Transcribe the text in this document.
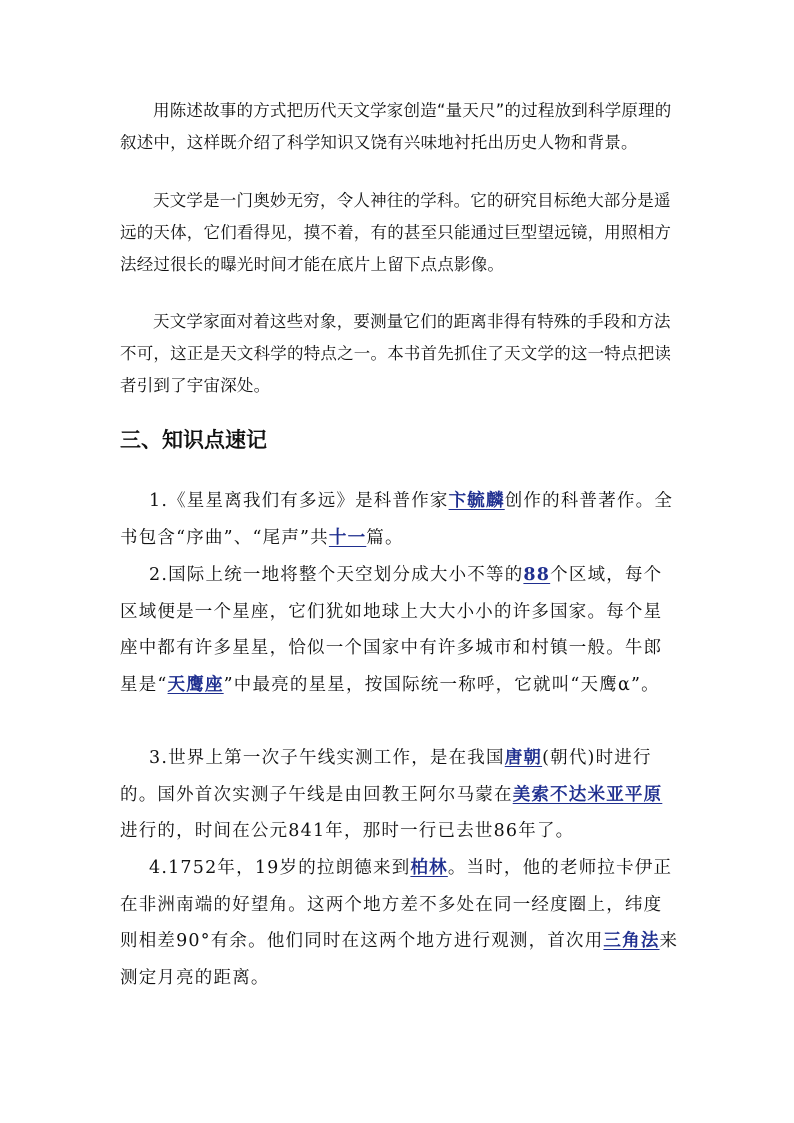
用陈述故事的方式把历代天文学家创造“量天尺”的过程放到科学原理的叙述中，这样既介绍了科学知识又饶有兴味地衬托出历史人物和背景。

天文学是一门奥妙无穷，令人神往的学科。它的研究目标绝大部分是遥远的天体，它们看得见，摸不着，有的甚至只能通过巨型望远镜，用照相方法经过很长的曝光时间才能在底片上留下点点影像。

天文学家面对着这些对象，要测量它们的距离非得有特殊的手段和方法不可，这正是天文科学的特点之一。本书首先抓住了天文学的这一特点把读者引到了宇宙深处。

三、知识点速记

1.《星星离我们有多远》是科普作家卞毓麟创作的科普著作。全书包含“序曲”、“尾声”共十一篇。

2.国际上统一地将整个天空划分成大小不等的88个区域，每个区域便是一个星座，它们犹如地球上大大小小的许多国家。每个星座中都有许多星星，恰似一个国家中有许多城市和村镇一般。牛郎星是“天鹰座”中最亮的星星，按国际统一称呼，它就叫“天鹰α”。

3.世界上第一次子午线实测工作，是在我国唐朝(朝代)时进行的。国外首次实测子午线是由回教王阿尔马蒙在美索不达米亚平原进行的，时间在公元841年，那时一行已去世86年了。

4.1752年，19岁的拉朗德来到柏林。当时，他的老师拉卡伊正在非洲南端的好望角。这两个地方差不多处在同一经度圈上，纬度则相差90°有余。他们同时在这两个地方进行观测，首次用三角法来测定月亮的距离。
